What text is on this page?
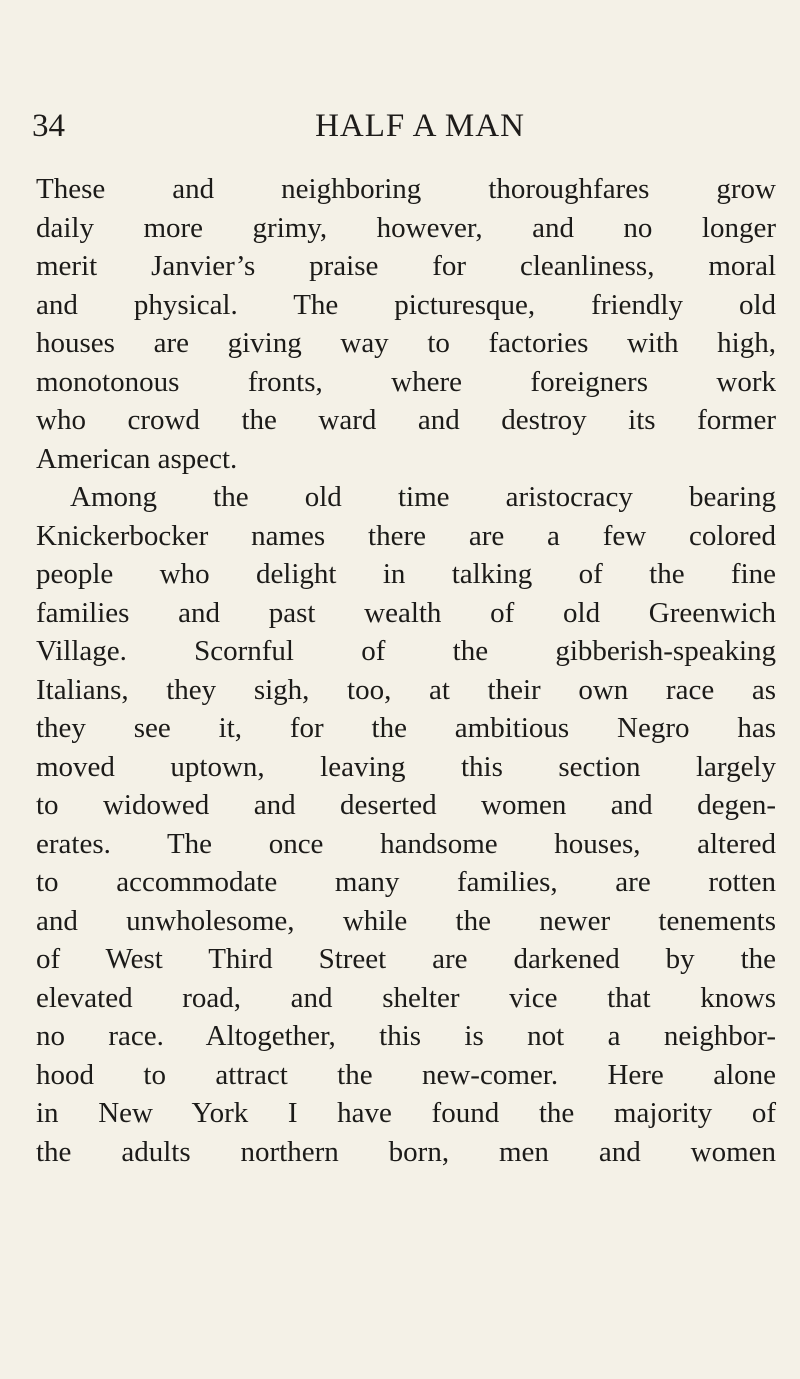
34	HALF A MAN
These and neighboring thoroughfares grow
daily more grimy, however, and no longer
merit Janvier’s praise for cleanliness, moral
and physical. The picturesque, friendly old
houses are giving way to factories with high,
monotonous fronts, where foreigners work
who crowd the ward and destroy its former
American aspect.
Among the old time aristocracy bearing
Knickerbocker names there are a few colored
people who delight in talking of the fine
families and past wealth of old Greenwich
Village. Scornful of the gibberish-speaking
Italians, they sigh, too, at their own race as
they see it, for the ambitious Negro has
moved uptown, leaving this section largely
to widowed and deserted women and degen-
erates. The once handsome houses, altered
to accommodate many families, are rotten
and unwholesome, while the newer tenements
of West Third Street are darkened by the
elevated road, and shelter vice that knows
no race. Altogether, this is not a neighbor-
hood to attract the new-comer. Here alone
in New York I have found the majority of
the adults northern born, men and women
